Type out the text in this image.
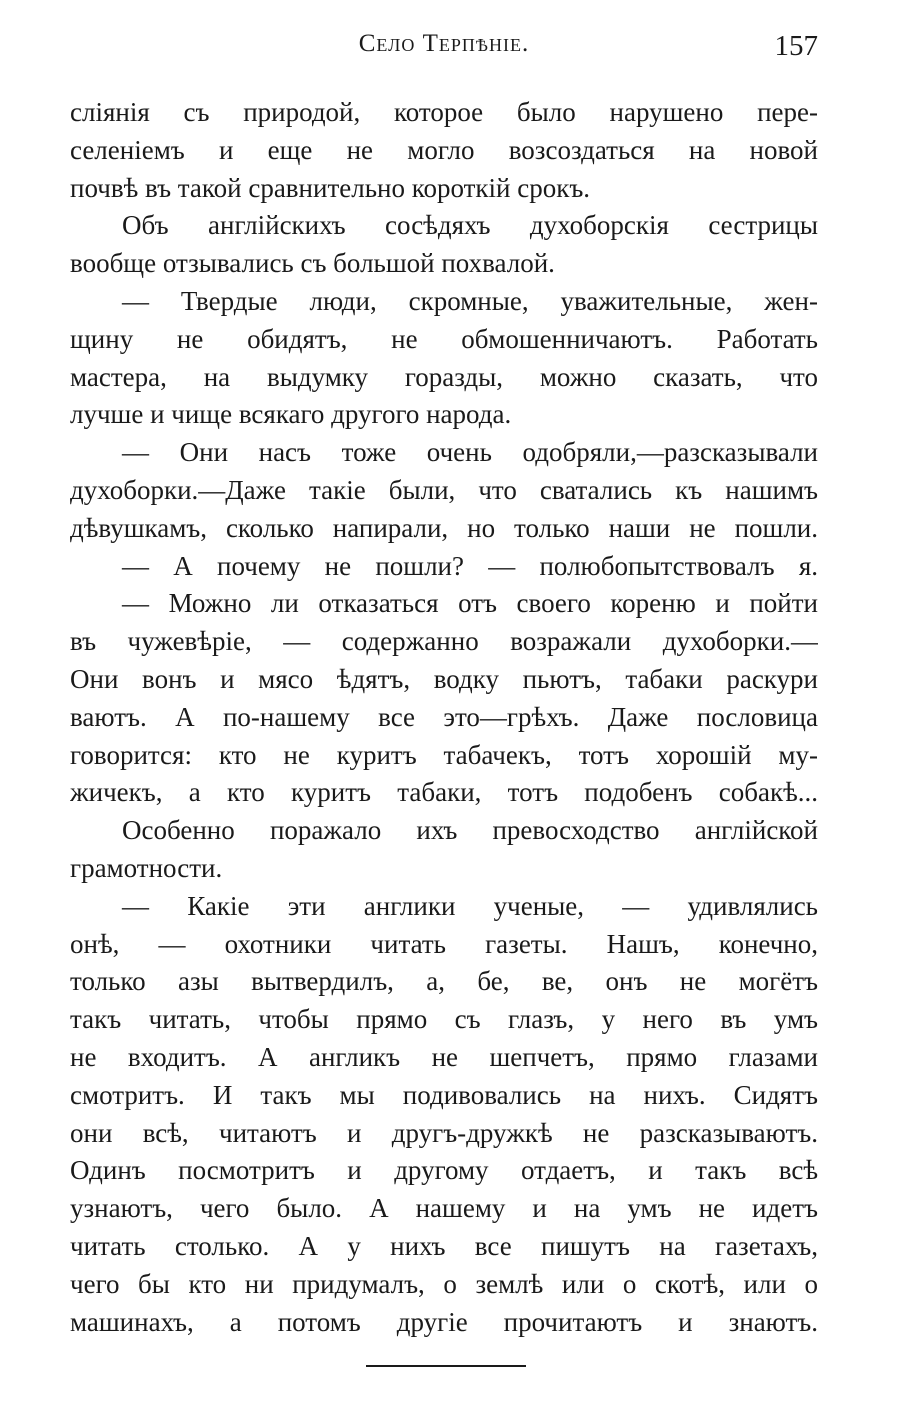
Село Терпѣніе.	157
сліянія съ природой, которое было нарушено пере-
селеніемъ и еще не могло возсоздаться на новой
почвѣ въ такой сравнительно короткій срокъ.
Объ англійскихъ сосѣдяхъ духоборскія сестрицы
вообще отзывались съ большой похвалой.
— Твердые люди, скромные, уважительные, жен-
щину не обидятъ, не обмошенничаютъ. Работать
мастера, на выдумку горазды, можно сказать, что
лучше и чище всякаго другого народа.
— Они насъ тоже очень одобряли,—разсказывали
духоборки.—Даже такіе были, что сватались къ нашимъ
дѣвушкамъ, сколько напирали, но только наши не пошли.
— А почему не пошли? — полюбопытствовалъ я.
— Можно ли отказаться отъ своего кореню и пойти
въ чужевѣріе, — содержанно возражали духоборки.—
Они вонъ и мясо ѣдятъ, водку пьютъ, табаки раскури
ваютъ. А по-нашему все это—грѣхъ. Даже пословица
говорится: кто не куритъ табачекъ, тотъ хорошій му-
жичекъ, а кто куритъ табаки, тотъ подобенъ собакѣ...
Особенно поражало ихъ превосходство англійской
грамотности.
— Какіе эти англики ученые, — удивлялись
онѣ, — охотники читать газеты. Нашъ, конечно,
только азы вытвердилъ, а, бе, ве, онъ не могётъ
такъ читать, чтобы прямо съ глазъ, у него въ умъ
не входитъ. А англикъ не шепчетъ, прямо глазами
смотритъ. И такъ мы подивовались на нихъ. Сидятъ
они всѣ, читаютъ и другъ-дружкѣ не разсказываютъ.
Одинъ посмотритъ и другому отдаетъ, и такъ всѣ
узнаютъ, чего было. А нашему и на умъ не идетъ
читать столько. А у нихъ все пишутъ на газетахъ,
чего бы кто ни придумалъ, о землѣ или о скотѣ, или о
машинахъ, а потомъ другіе прочитаютъ и знаютъ.
